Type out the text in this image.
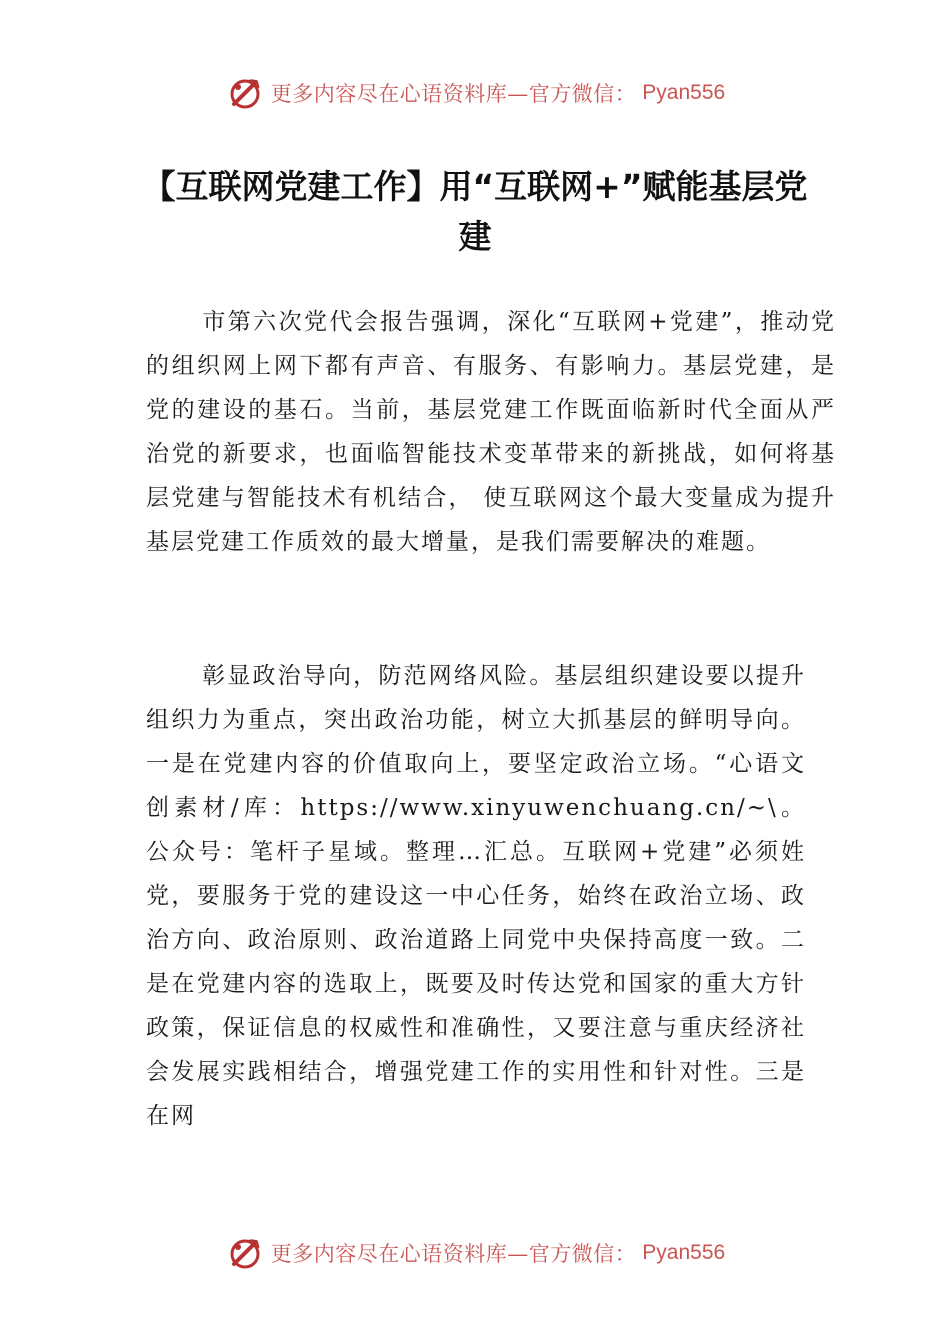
更多内容尽在心语资料库—官方微信： Pyan556
【互联网党建工作】用“互联网+”赋能基层党建

市第六次党代会报告强调，深化“互联网+党建”，推动党的组织网上网下都有声音、有服务、有影响力。基层党建，是党的建设的基石。当前，基层党建工作既面临新时代全面从严治党的新要求，也面临智能技术变革带来的新挑战，如何将基层党建与智能技术有机结合， 使互联网这个最大变量成为提升基层党建工作质效的最大增量，是我们需要解决的难题。

彰显政治导向，防范网络风险。基层组织建设要以提升组织力为重点，突出政治功能，树立大抓基层的鲜明导向。一是在党建内容的价值取向上，要坚定政治立场。“心语文创素材/库：https://www.xinyuwenchuang.cn/~\。公众号：笔杆子星域。整理…汇总。互联网+党建”必须姓党，要服务于党的建设这一中心任务，始终在政治立场、政治方向、政治原则、政治道路上同党中央保持高度一致。二是在党建内容的选取上，既要及时传达党和国家的重大方针政策，保证信息的权威性和准确性，又要注意与重庆经济社会发展实践相结合，增强党建工作的实用性和针对性。三是在网

更多内容尽在心语资料库—官方微信： Pyan556
